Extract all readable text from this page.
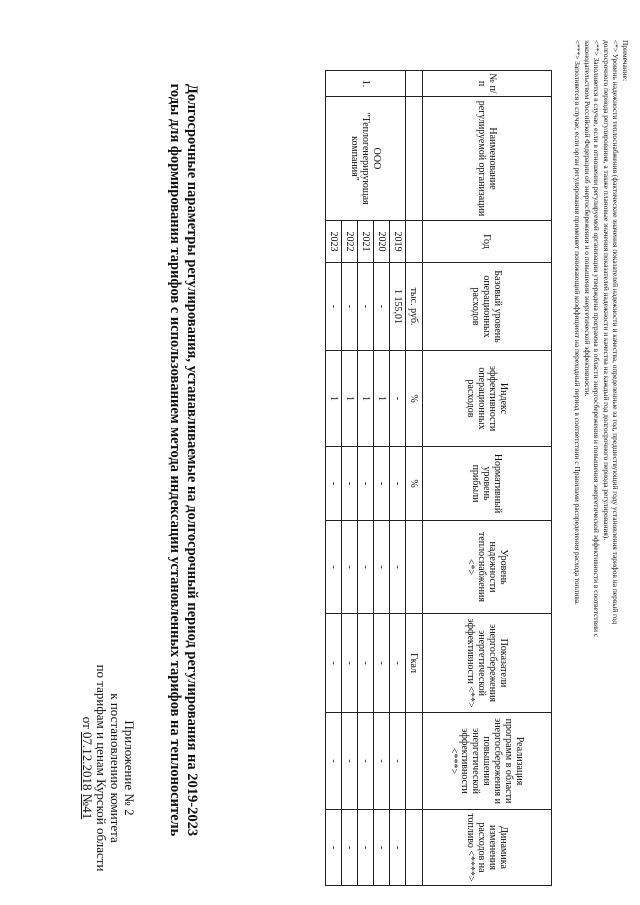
Приложение № 2
к постановлению комитета
по тарифам и ценам Курской области
от 07.12.2018 №41	Долгосрочные параметры регулирования, устанавливаемые на долгосрочный период регулирования на 2019-2023
годы для формирования тарифов с использованием метода индексации установленных тарифов на теплоноситель
№ п/п	Наименование регулируемой организации	Год	Базовый уровень операционных расходов	Индекс эффективности операционных расходов	Нормативный уровень прибыли	Уровень надежности теплоснабжения <*>	Показатели энергосбережения энергетической эффективности <**>	Реализация программ в области энергосбережения и повышения энергетической эффективности <***>	Динамика изменения расходов на топливо <****>
			тыс. руб.	%	%		Гкал		
1.	ООО
"Теплогенерирующая
компания"	2019	1 155,01	-	-	-	-	-	-
		2020	-	1	-	-	-	-	-
		2021	-	1	-	-	-	-	-
		2022	-	1	-	-	-	-	-
		2023	-	1	-	-	-	-	-
Примечание:
<*> Уровень надежности теплоснабжения (фактические значения показателей надежности и качества, определенные за год, предшествующий году установления тарифов на первый год
долгосрочного периода регулирования, а также плановые значения показателей надежности и качества на каждый год долгосрочного периода регулирования).
<**> Заполняется в случае, если в отношении регулируемой организации утверждена программа в области энергосбережения и повышения энергетической эффективности в соответствии с
законодательством Российской Федерации об энергосбережении и о повышении энергетической эффективности.
<***> Заполняется в случае, если орган регулирования применяет понижающий коэффициент на переходный период в соответствии с Правилами распределения расхода топлива.
